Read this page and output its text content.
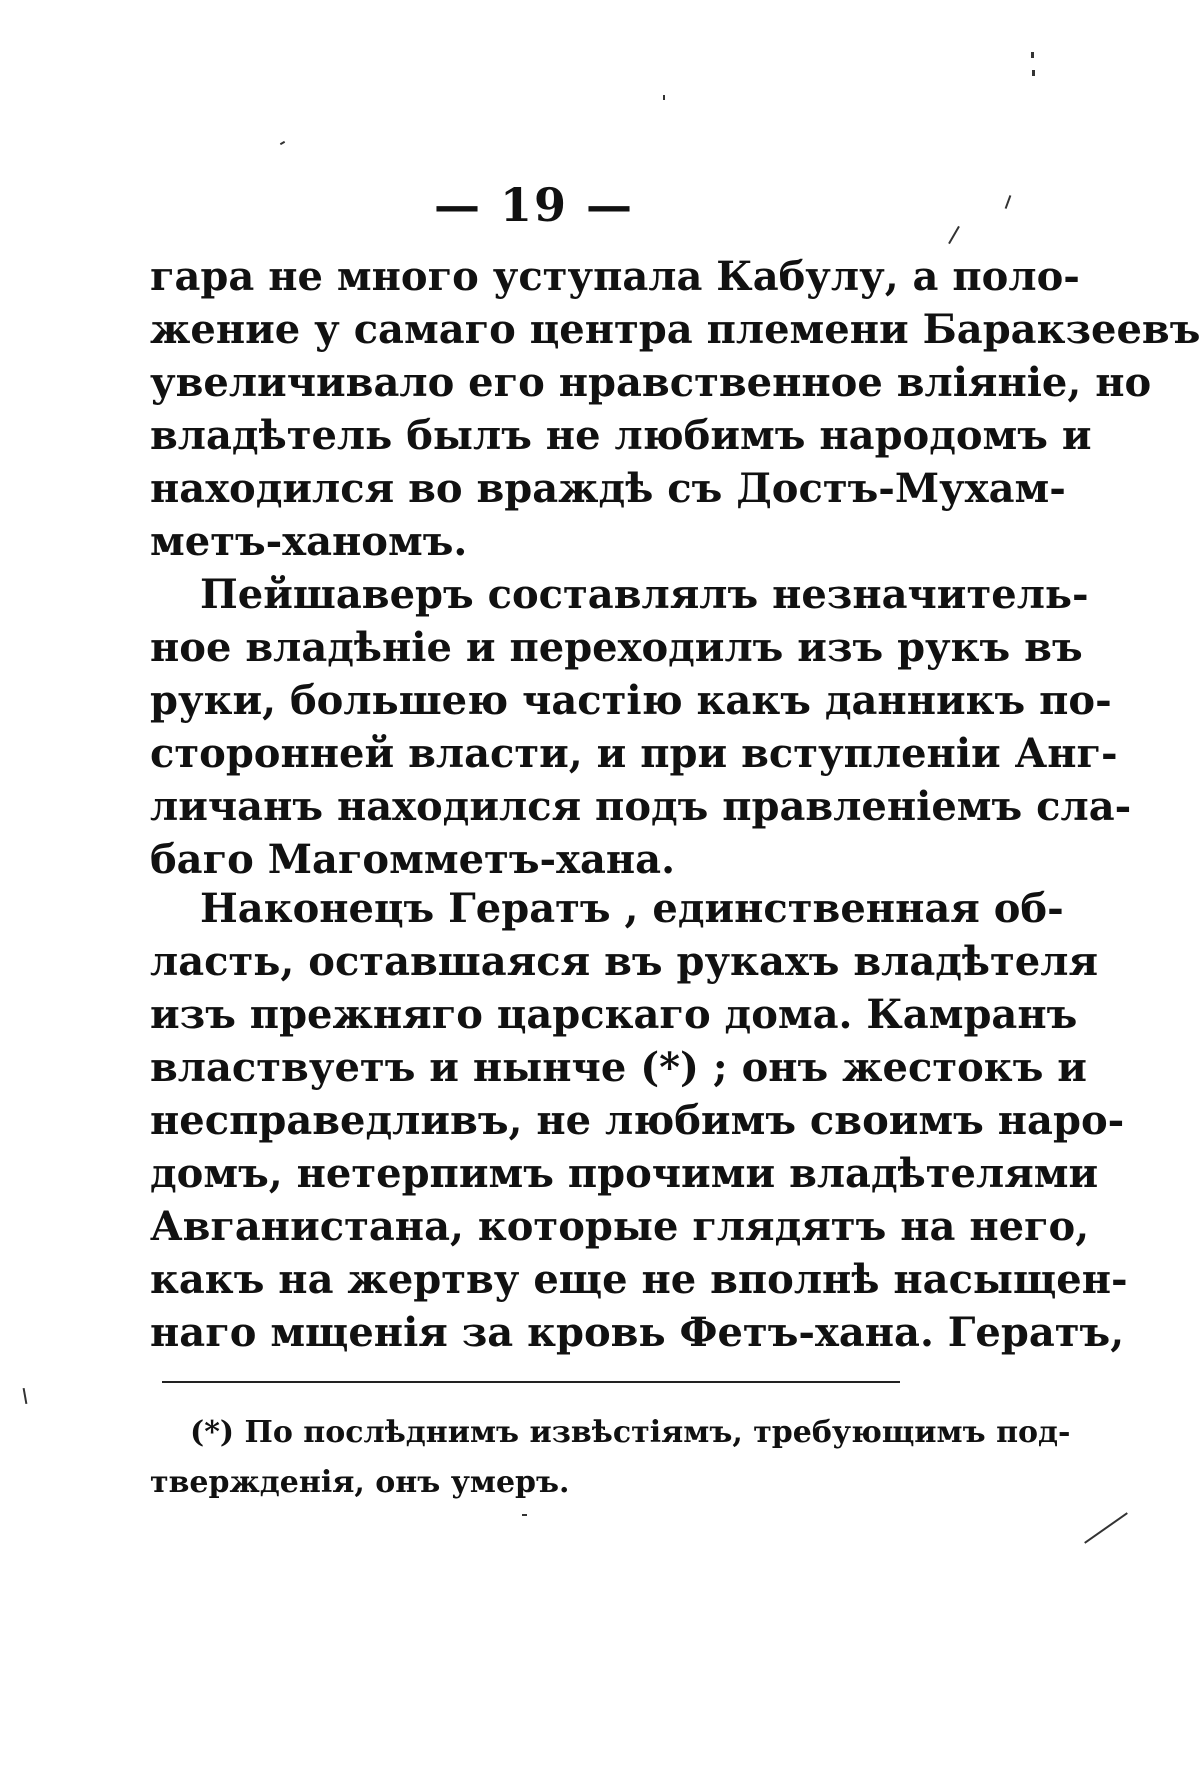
— 19 —
гара не много уступала Кабулу, а поло-
жение у самаго центра племени Баракзеевъ
увеличивало его нравственное влiянiе, но
владѣтель былъ не любимъ народомъ и
находился во враждѣ съ Достъ-Мухам-
метъ-ханомъ.
Пейшаверъ составлялъ незначитель-
ное владѣнiе и переходилъ изъ рукъ въ
руки, большею частiю какъ данникъ по-
сторонней власти, и при вступленiи Анг-
личанъ находился подъ правленiемъ сла-
баго Магомметъ-хана.
Наконецъ Гератъ , единственная об-
ласть, оставшаяся въ рукахъ владѣтеля
изъ прежняго царскаго дома. Камранъ
властвуетъ и нынче (*) ; онъ жестокъ и
несправедливъ, не любимъ своимъ наро-
домъ, нетерпимъ прочими владѣтелями
Авганистана, которые глядятъ на него,
какъ на жертву еще не вполнѣ насыщен-
наго мщенiя за кровь Фетъ-хана. Гератъ,
(*) По послѣднимъ извѣстiямъ, требующимъ под-
твержденiя, онъ умеръ.
